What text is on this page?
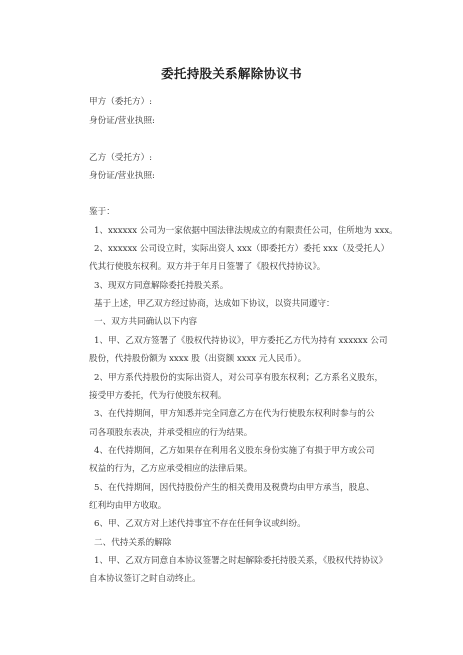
委托持股关系解除协议书
甲方（委托方）:
身份证/营业执照:
乙方（受托方）:
身份证/营业执照:
鉴于：
1、xxxxxx 公司为一家依据中国法律法规成立的有限责任公司，住所地为 xxx。
2、xxxxxx 公司设立时，实际出资人 xxx（即委托方）委托 xxx（及受托人）
代其行使股东权利。双方并于年月日签署了《股权代持协议》。
3、现双方同意解除委托持股关系。
基于上述，甲乙双方经过协商，达成如下协议，以资共同遵守：
一、双方共同确认以下内容
1、甲、乙双方签署了《股权代持协议》，甲方委托乙方代为持有 xxxxxx 公司
股份，代持股份额为 xxxx 股（出资额 xxxx 元人民币）。
2、甲方系代持股份的实际出资人，对公司享有股东权利；乙方系名义股东，
接受甲方委托，代为行使股东权利。
3、在代持期间，甲方知悉并完全同意乙方在代为行使股东权利时参与的公
司各项股东表决，并承受相应的行为结果。
4、在代持期间，乙方如果存在利用名义股东身份实施了有损于甲方或公司
权益的行为，乙方应承受相应的法律后果。
5、在代持期间，因代持股份产生的相关费用及税费均由甲方承当，股息、
红利均由甲方收取。
6、甲、乙双方对上述代持事宜不存在任何争议或纠纷。
二、代持关系的解除
1、甲、乙双方同意自本协议签署之时起解除委托持股关系，《股权代持协议》
自本协议签订之时自动终止。
